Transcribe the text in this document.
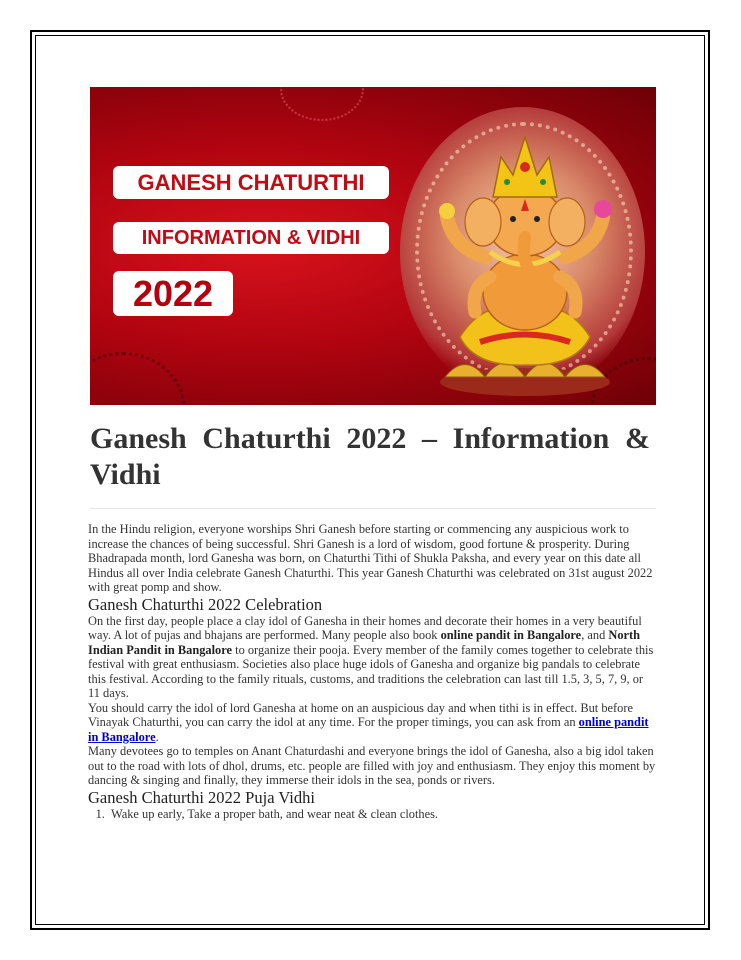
GANESH CHATURTHI
INFORMATION & VIDHI
2022
Ganesh Chaturthi 2022 – Information & Vidhi

In the Hindu religion, everyone worships Shri Ganesh before starting or commencing any auspicious work to increase the chances of being successful. Shri Ganesh is a lord of wisdom, good fortune & prosperity. During Bhadrapada month, lord Ganesha was born, on Chaturthi Tithi of Shukla Paksha, and every year on this date all Hindus all over India celebrate Ganesh Chaturthi. This year Ganesh Chaturthi was celebrated on 31st august 2022 with great pomp and show.

Ganesh Chaturthi 2022 Celebration

On the first day, people place a clay idol of Ganesha in their homes and decorate their homes in a very beautiful way. A lot of pujas and bhajans are performed. Many people also book online pandit in Bangalore, and North Indian Pandit in Bangalore to organize their pooja. Every member of the family comes together to celebrate this festival with great enthusiasm. Societies also place huge idols of Ganesha and organize big pandals to celebrate this festival. According to the family rituals, customs, and traditions the celebration can last till 1.5, 3, 5, 7, 9, or 11 days.

You should carry the idol of lord Ganesha at home on an auspicious day and when tithi is in effect. But before Vinayak Chaturthi, you can carry the idol at any time. For the proper timings, you can ask from an online pandit in Bangalore.

Many devotees go to temples on Anant Chaturdashi and everyone brings the idol of Ganesha, also a big idol taken out to the road with lots of dhol, drums, etc. people are filled with joy and enthusiasm. They enjoy this moment by dancing & singing and finally, they immerse their idols in the sea, ponds or rivers.

Ganesh Chaturthi 2022 Puja Vidhi
1. Wake up early, Take a proper bath, and wear neat & clean clothes.
